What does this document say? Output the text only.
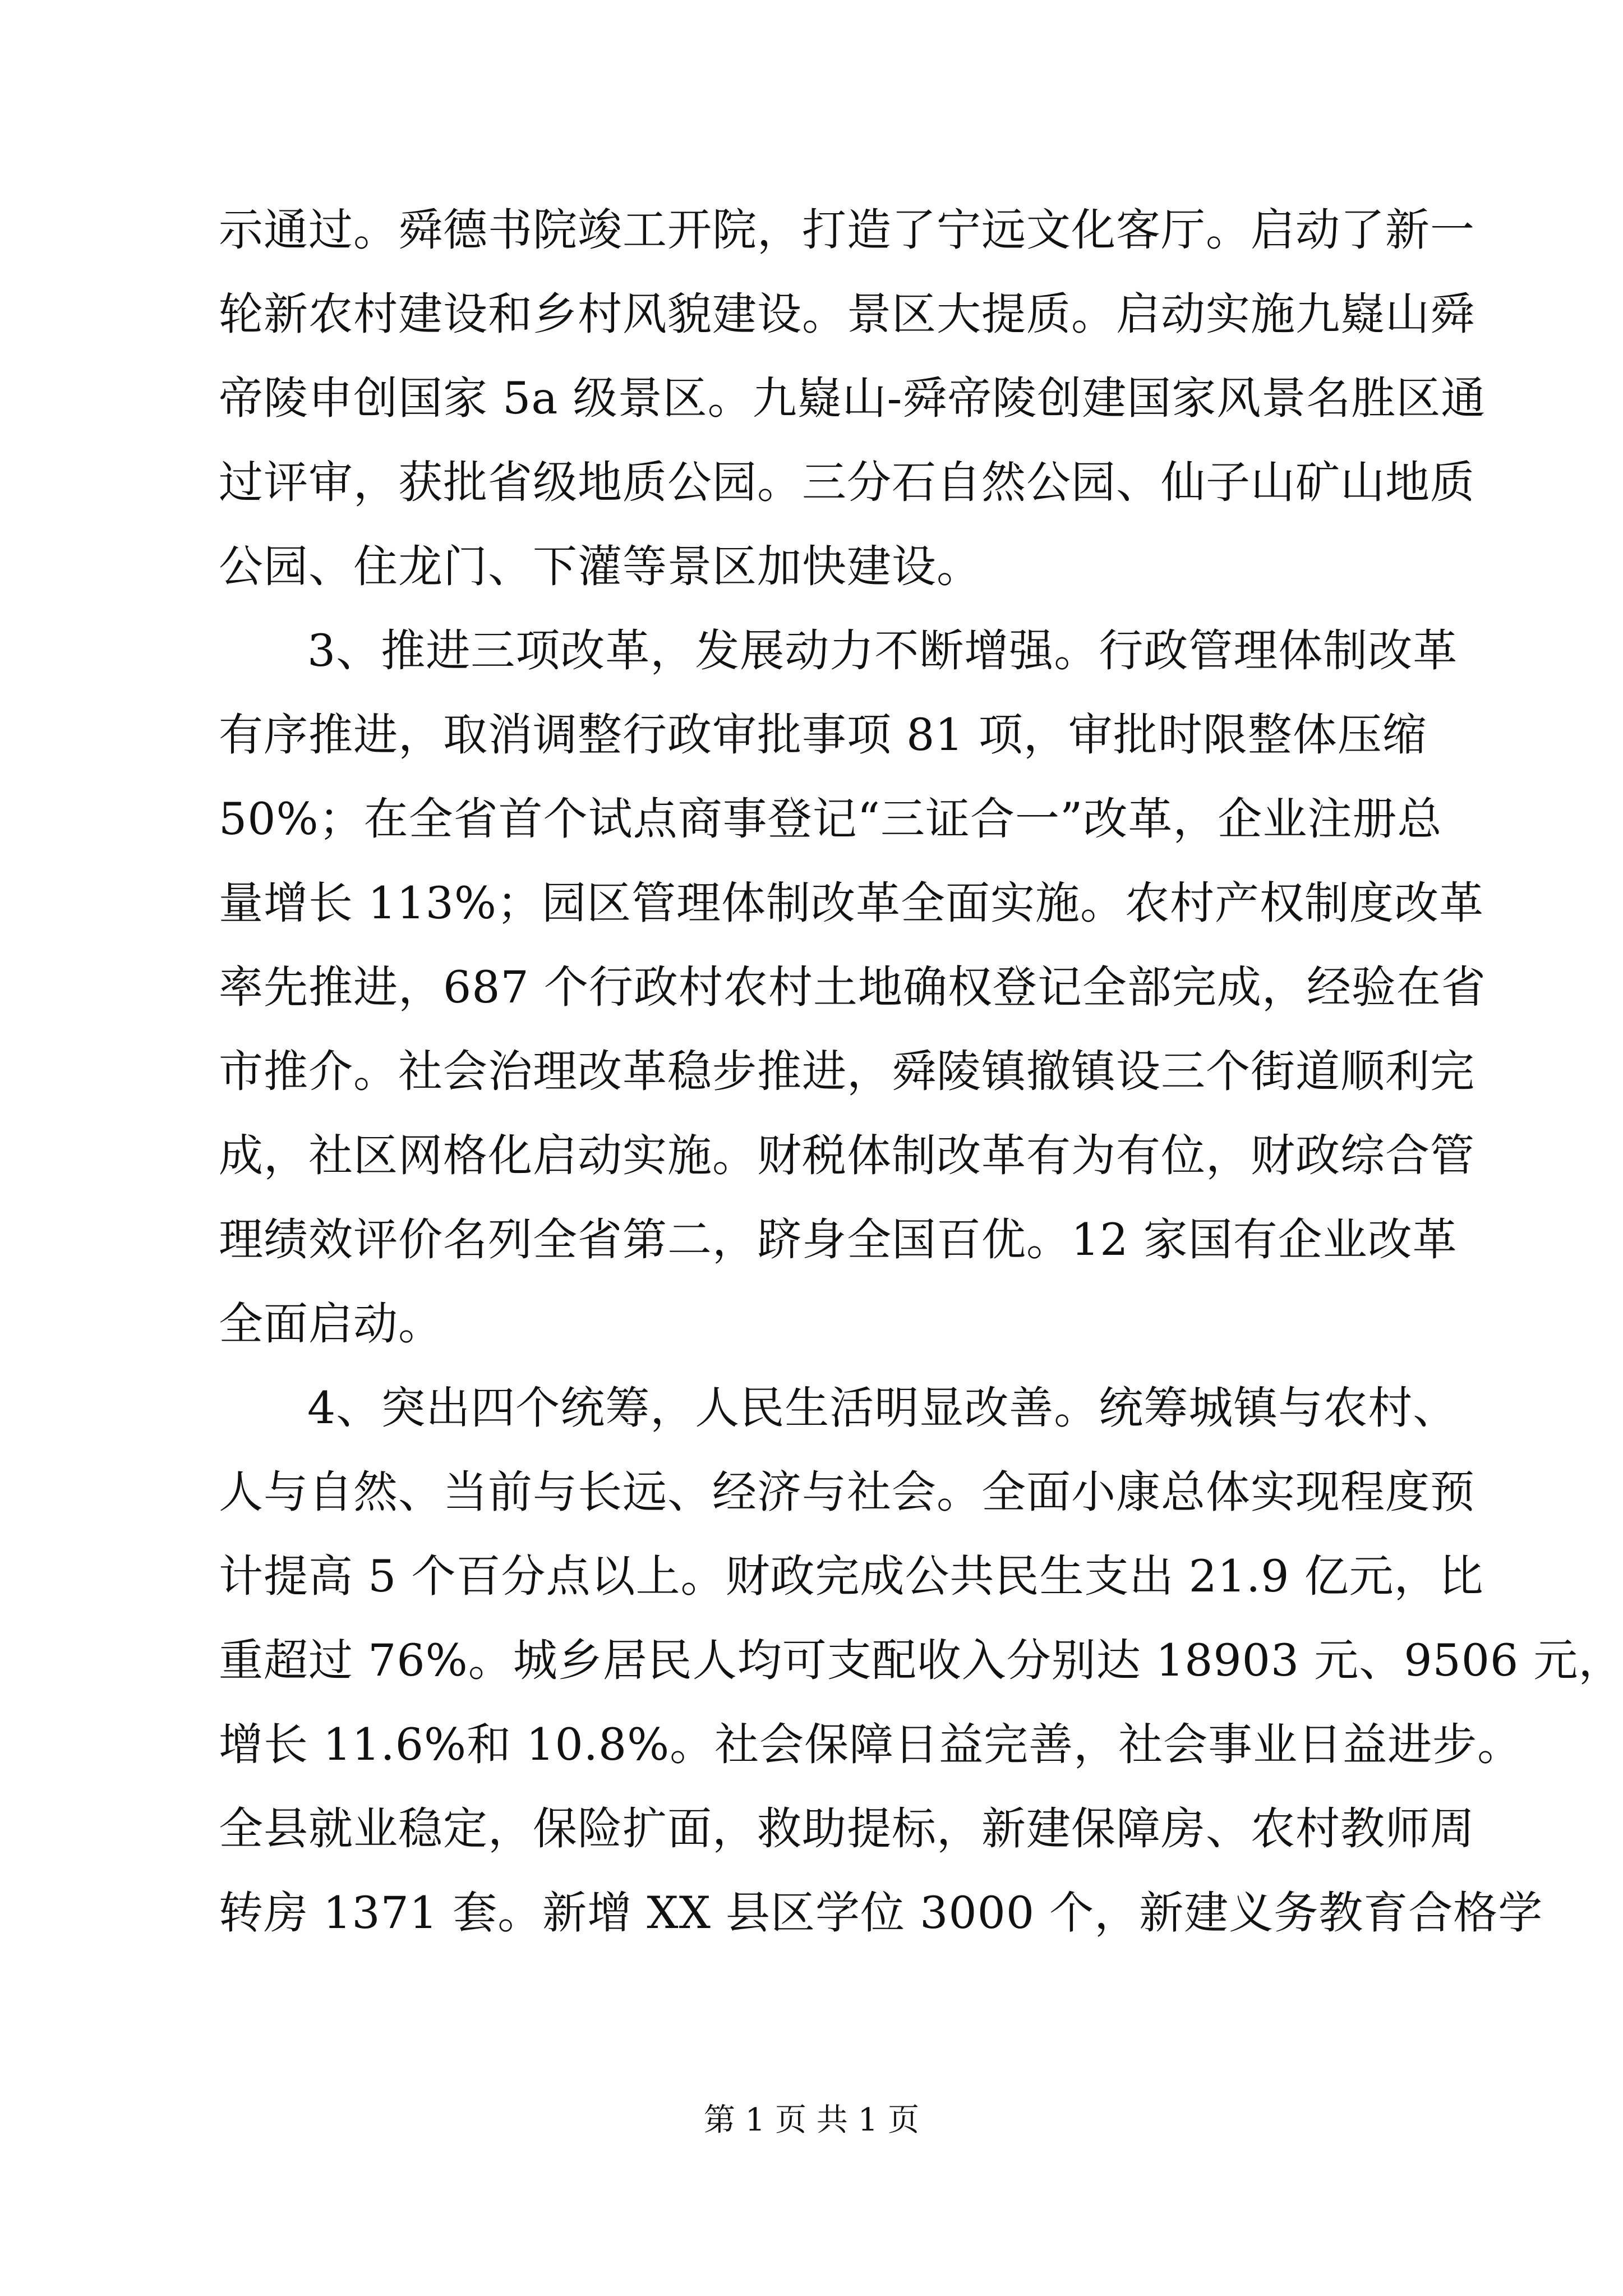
示通过。舜德书院竣工开院，打造了宁远文化客厅。启动了新一
轮新农村建设和乡村风貌建设。景区大提质。启动实施九嶷山舜
帝陵申创国家 5a 级景区。九嶷山-舜帝陵创建国家风景名胜区通
过评审，获批省级地质公园。三分石自然公园、仙子山矿山地质
公园、住龙门、下灌等景区加快建设。
3、推进三项改革，发展动力不断增强。行政管理体制改革
有序推进，取消调整行政审批事项 81 项，审批时限整体压缩
50%；在全省首个试点商事登记“三证合一”改革，企业注册总
量增长 113%；园区管理体制改革全面实施。农村产权制度改革
率先推进，687 个行政村农村土地确权登记全部完成，经验在省
市推介。社会治理改革稳步推进，舜陵镇撤镇设三个街道顺利完
成，社区网格化启动实施。财税体制改革有为有位，财政综合管
理绩效评价名列全省第二，跻身全国百优。12 家国有企业改革
全面启动。
4、突出四个统筹，人民生活明显改善。统筹城镇与农村、
人与自然、当前与长远、经济与社会。全面小康总体实现程度预
计提高 5 个百分点以上。财政完成公共民生支出 21.9 亿元，比
重超过 76%。城乡居民人均可支配收入分别达 18903 元、9506 元，
增长 11.6%和 10.8%。社会保障日益完善，社会事业日益进步。
全县就业稳定，保险扩面，救助提标，新建保障房、农村教师周
转房 1371 套。新增 XX 县区学位 3000 个，新建义务教育合格学
第 1 页 共 1 页
